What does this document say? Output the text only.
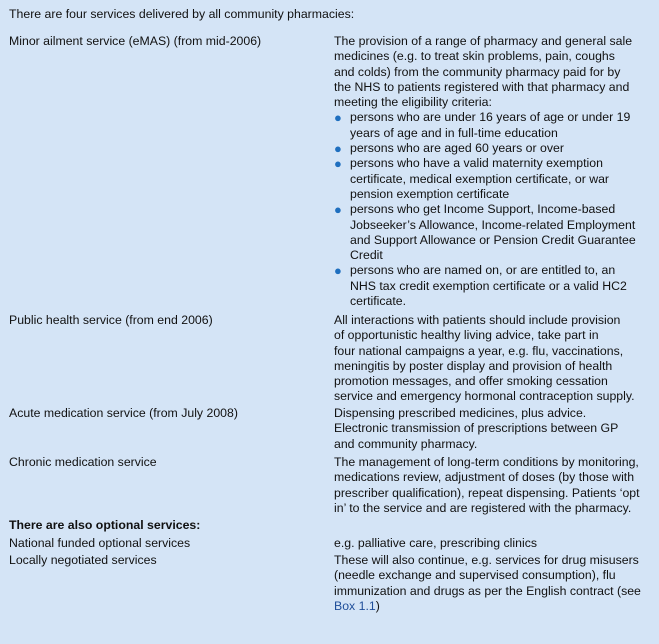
There are four services delivered by all community pharmacies:
Minor ailment service (eMAS) (from mid-2006)	The provision of a range of pharmacy and general sale
medicines (e.g. to treat skin problems, pain, coughs
and colds) from the community pharmacy paid for by
the NHS to patients registered with that pharmacy and
meeting the eligibility criteria:
● persons who are under 16 years of age or under 19
years of age and in full-time education
● persons who are aged 60 years or over
● persons who have a valid maternity exemption
certificate, medical exemption certificate, or war
pension exemption certificate
● persons who get Income Support, Income-based
Jobseeker’s Allowance, Income-related Employment
and Support Allowance or Pension Credit Guarantee
Credit
● persons who are named on, or are entitled to, an
NHS tax credit exemption certificate or a valid HC2
certificate.
Public health service (from end 2006)	All interactions with patients should include provision
of opportunistic healthy living advice, take part in
four national campaigns a year, e.g. flu, vaccinations,
meningitis by poster display and provision of health
promotion messages, and offer smoking cessation
service and emergency hormonal contraception supply.
Acute medication service (from July 2008)	Dispensing prescribed medicines, plus advice.
Electronic transmission of prescriptions between GP
and community pharmacy.
Chronic medication service	The management of long-term conditions by monitoring,
medications review, adjustment of doses (by those with
prescriber qualification), repeat dispensing. Patients ‘opt
in’ to the service and are registered with the pharmacy.
There are also optional services:
National funded optional services	e.g. palliative care, prescribing clinics
Locally negotiated services	These will also continue, e.g. services for drug misusers
(needle exchange and supervised consumption), flu
immunization and drugs as per the English contract (see
Box 1.1)
